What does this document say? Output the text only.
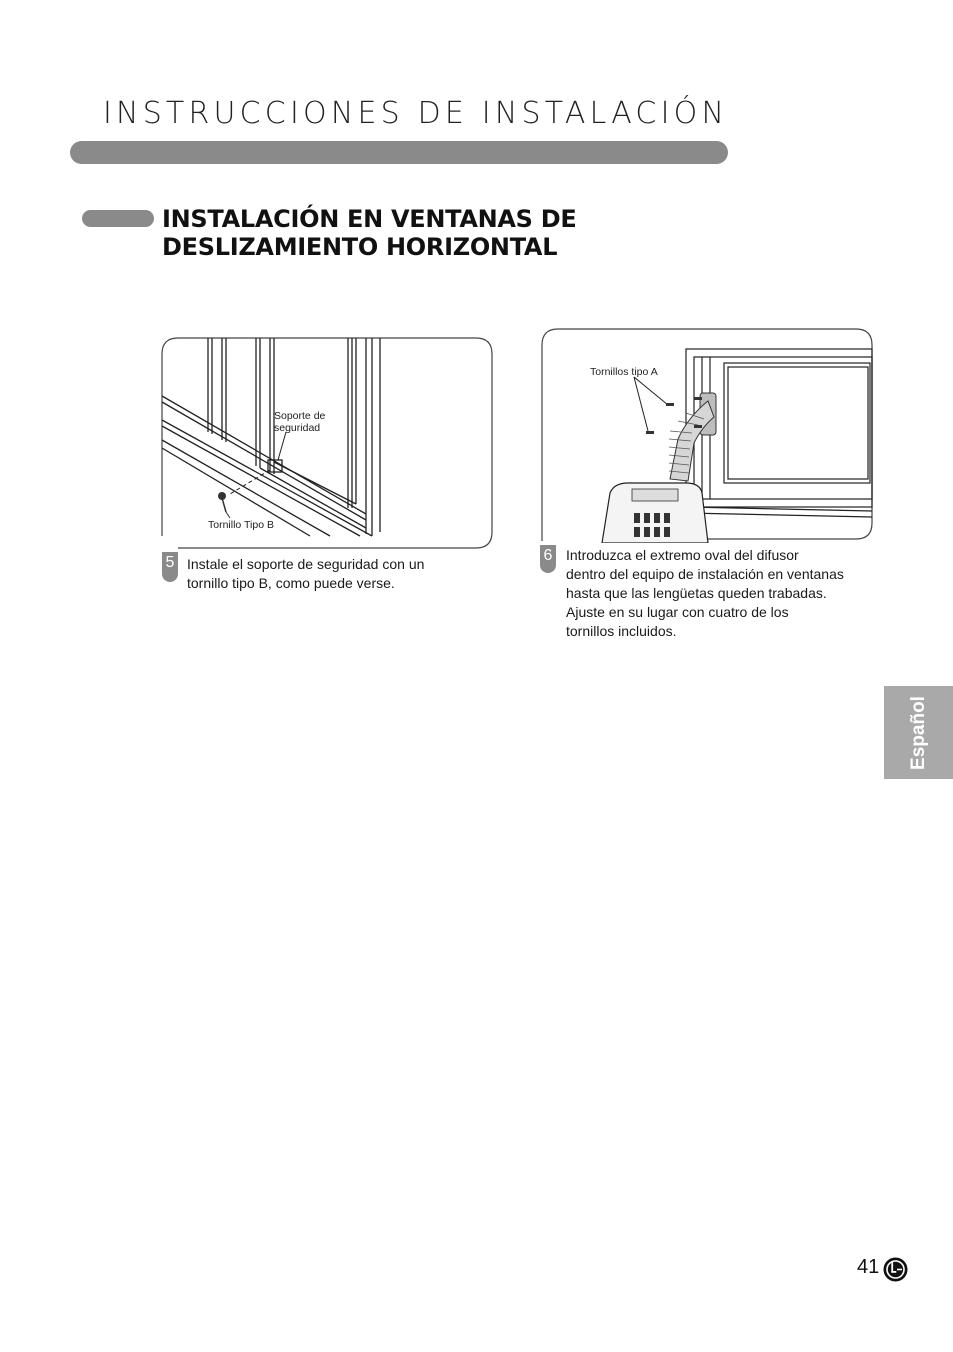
INSTRUCCIONES DE INSTALACIÓN
INSTALACIÓN EN VENTANAS DE
DESLIZAMIENTO HORIZONTAL
Soporte de
seguridad
Tornillo Tipo B
5 Instale el soporte de seguridad con un
tornillo tipo B, como puede verse.
Tornillos tipo A
6 Introduzca el extremo oval del difusor
dentro del equipo de instalación en ventanas
hasta que las lengüetas queden trabadas.
Ajuste en su lugar con cuatro de los
tornillos incluidos.
Español
41
